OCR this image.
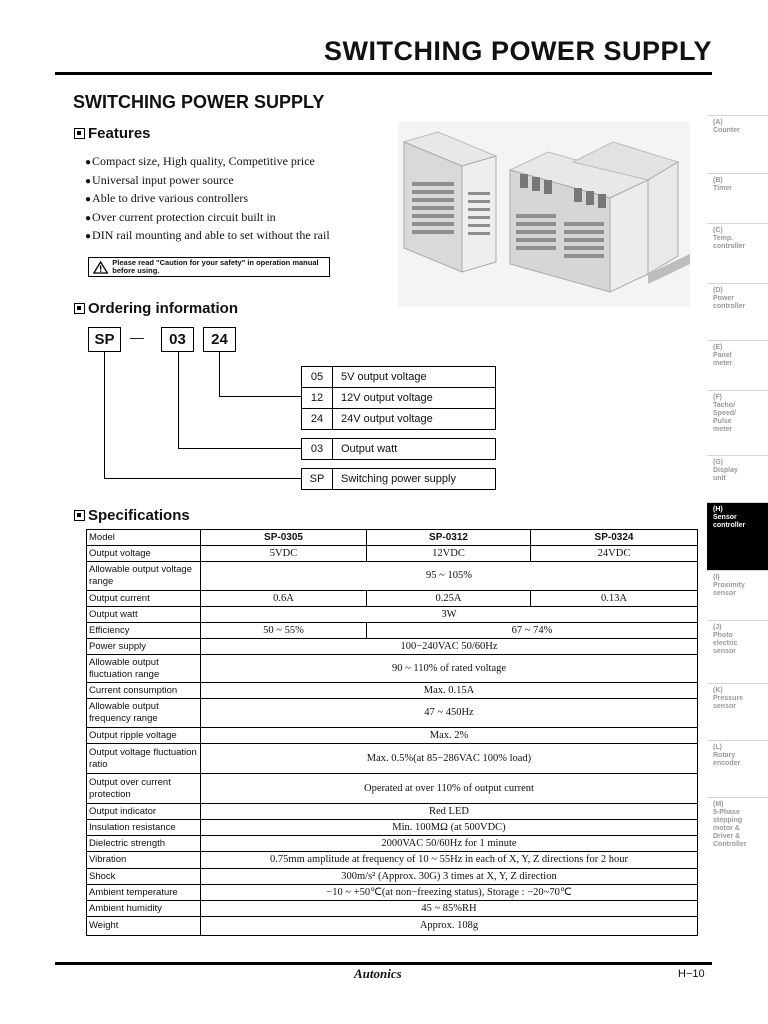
SWITCHING POWER SUPPLY
SWITCHING POWER SUPPLY
Features
● Compact size, High quality, Competitive price
● Universal input power source
● Able to drive various controllers
● Over current protection circuit built in
● DIN rail mounting and able to set without the rail
Please read "Caution for your safety" in operation manual before using.
Ordering information
SP	—	03	24
05	5V output voltage
12	12V output voltage
24	24V output voltage
03	Output watt
SP	Switching power supply
Specifications
Model	SP-0305	SP-0312	SP-0324
Output voltage	5VDC	12VDC	24VDC
Allowable output voltage range	95 ~ 105%		
Output current	0.6A	0.25A	0.13A
Output watt	3W		
Efficiency	50 ~ 55%	67 ~ 74%	
Power supply	100−240VAC 50/60Hz		
Allowable output fluctuation range	90 ~ 110% of rated voltage		
Current consumption	Max. 0.15A		
Allowable output frequency range	47 ~ 450Hz		
Output ripple voltage	Max. 2%		
Output voltage fluctuation ratio	Max. 0.5%(at 85−286VAC 100% load)		
Output over current protection	Operated at over 110% of output current		
Output indicator	Red LED		
Insulation resistance	Min. 100MΩ (at 500VDC)		
Dielectric strength	2000VAC 50/60Hz for 1 minute		
Vibration	0.75mm amplitude at frequency of 10 ~ 55Hz in each of X, Y, Z directions for 2 hour		
Shock	300m/s² (Approx. 30G) 3 times at X, Y, Z direction		
Ambient temperature	−10 ~ +50℃(at non−freezing status), Storage : −20~70℃		
Ambient humidity	45 ~ 85%RH		
Weight	Approx. 108g		
Autonics	H−10
(A)
Counter
(B)
Timer
(C)
Temp. controller
(D)
Power controller
(E)
Panel meter
(F)
Tacho/ Speed/ Pulse meter
(G)
Display unit
(H)
Sensor controller
(I)
Proximity sensor
(J)
Photo electric sensor
(K)
Pressure sensor
(L)
Rotary encoder
(M)
5-Phase stepping motor & Driver & Controller
